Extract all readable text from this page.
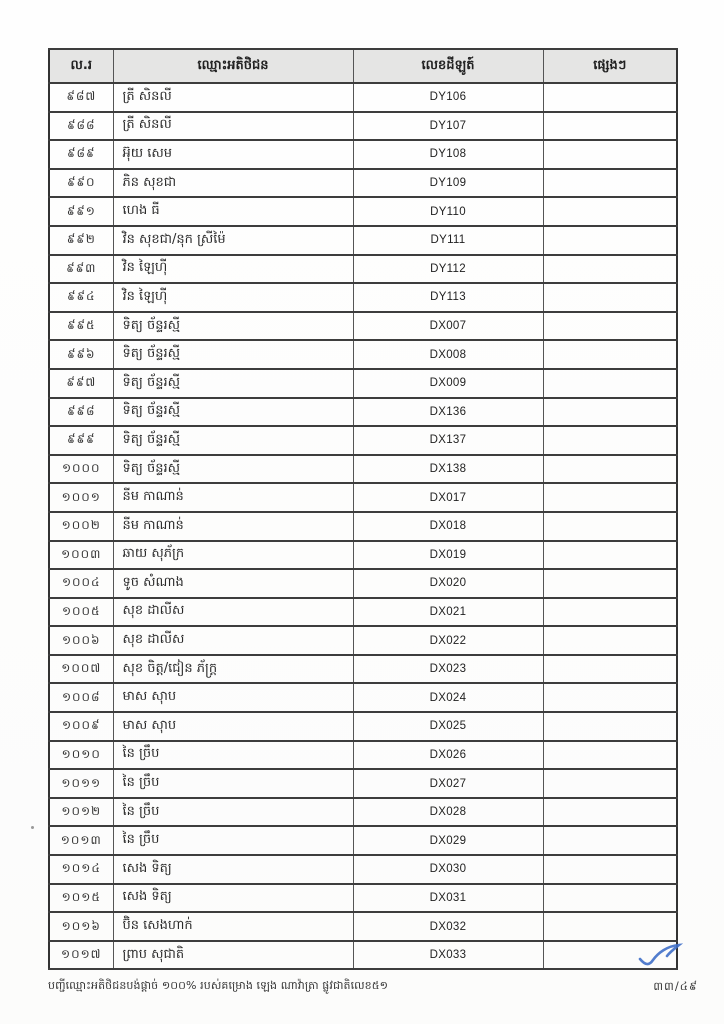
ល.រ	ឈ្មោះអតិថិជន	លេខដីឡូត៍	ផ្សេងៗ
៩៨៧	ត្រី សិនលី	DY106	
៩៨៨	ត្រី សិនលី	DY107	
៩៨៩	អ៊ុយ សេម	DY108	
៩៩០	ភិន សុខជា	DY109	
៩៩១	ហេង ធី	DY110	
៩៩២	វិន សុខជា/នុក ស្រីម៉ៃ	DY111	
៩៩៣	វិន ឡៃហ៊ី	DY112	
៩៩៤	វិន ឡៃហ៊ី	DY113	
៩៩៥	ទិត្យ ច័ន្ទរស្មី	DX007	
៩៩៦	ទិត្យ ច័ន្ទរស្មី	DX008	
៩៩៧	ទិត្យ ច័ន្ទរស្មី	DX009	
៩៩៨	ទិត្យ ច័ន្ទរស្មី	DX136	
៩៩៩	ទិត្យ ច័ន្ទរស្មី	DX137	
១០០០	ទិត្យ ច័ន្ទរស្មី	DX138	
១០០១	នីម កាណាន់	DX017	
១០០២	នីម កាណាន់	DX018	
១០០៣	ឆាយ សុភ័ក្រ	DX019	
១០០៤	ទូច សំណាង	DX020	
១០០៥	សុខ ដាលីស	DX021	
១០០៦	សុខ ដាលីស	DX022	
១០០៧	សុខ ចិត្ត/ជៀន ភ័ក្ត្រ	DX023	
១០០៨	មាស សុាប	DX024	
១០០៩	មាស សុាប	DX025	
១០១០	នៃ ច្រឹប	DX026	
១០១១	នៃ ច្រឹប	DX027	
១០១២	នៃ ច្រឹប	DX028	
១០១៣	នៃ ច្រឹប	DX029	
១០១៤	សេង ទិត្យ	DX030	
១០១៥	សេង ទិត្យ	DX031	
១០១៦	ប៊ិន សេងហាក់	DX032	
១០១៧	ព្រាប សុជាតិ	DX033	
បញ្ជីឈ្មោះអតិថិជនបង់ផ្តាច់ ១០០% របស់គម្រោង ឡេង ណាវ៉ាត្រា ផ្លូវជាតិលេខ៥១	៣៣/៤៩
